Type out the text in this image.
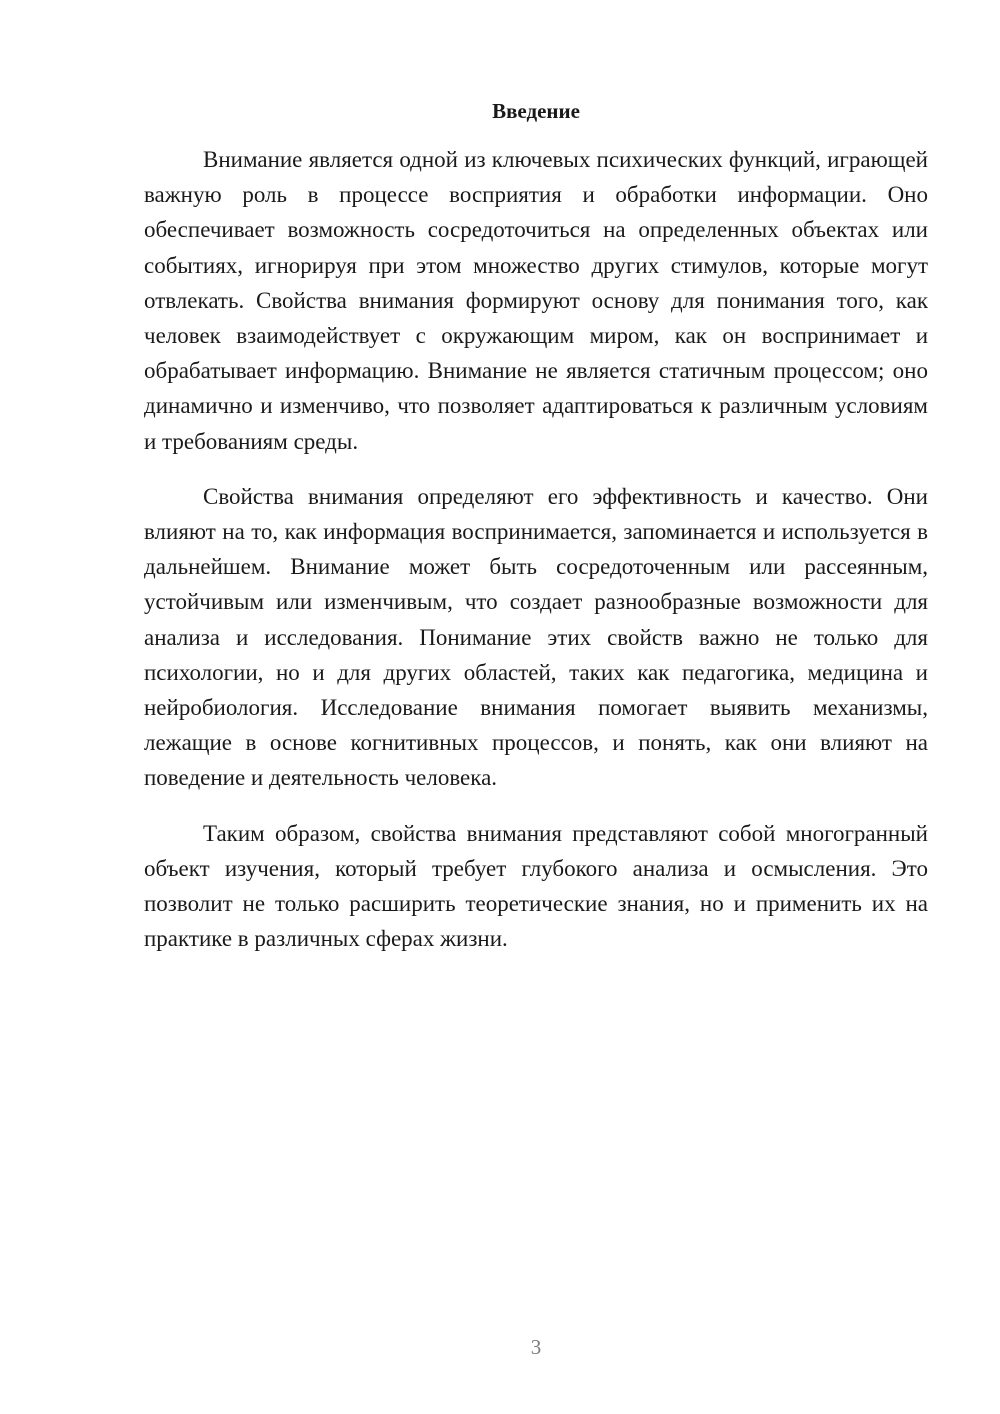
Введение

Внимание является одной из ключевых психических функций, играющей важную роль в процессе восприятия и обработки информации. Оно обеспечивает возможность сосредоточиться на определенных объектах или событиях, игнорируя при этом множество других стимулов, которые могут отвлекать. Свойства внимания формируют основу для понимания того, как человек взаимодействует с окружающим миром, как он воспринимает и обрабатывает информацию. Внимание не является статичным процессом; оно динамично и изменчиво, что позволяет адаптироваться к различным условиям и требованиям среды.

Свойства внимания определяют его эффективность и качество. Они влияют на то, как информация воспринимается, запоминается и используется в дальнейшем. Внимание может быть сосредоточенным или рассеянным, устойчивым или изменчивым, что создает разнообразные возможности для анализа и исследования. Понимание этих свойств важно не только для психологии, но и для других областей, таких как педагогика, медицина и нейробиология. Исследование внимания помогает выявить механизмы, лежащие в основе когнитивных процессов, и понять, как они влияют на поведение и деятельность человека.

Таким образом, свойства внимания представляют собой многогранный объект изучения, который требует глубокого анализа и осмысления. Это позволит не только расширить теоретические знания, но и применить их на практике в различных сферах жизни.

3
